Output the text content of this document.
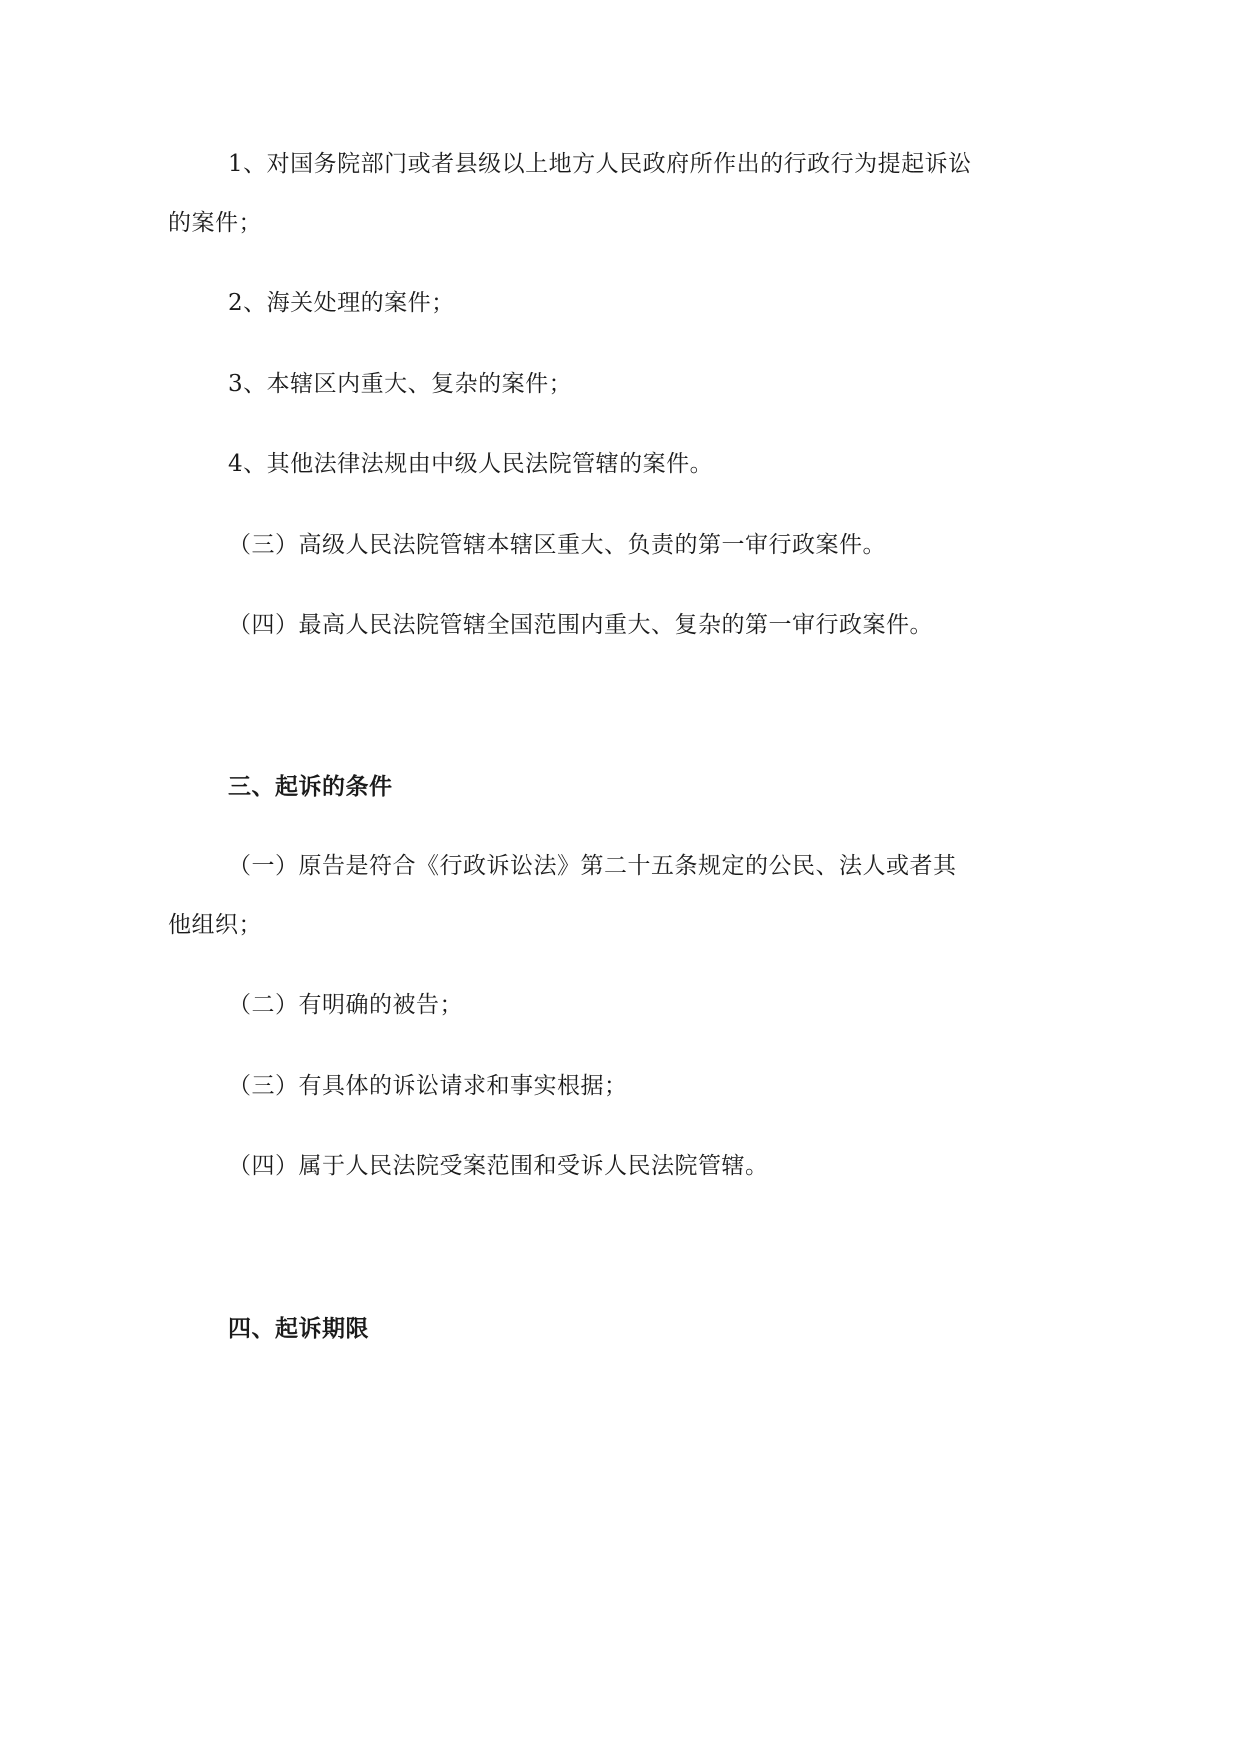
1、对国务院部门或者县级以上地方人民政府所作出的行政行为提起诉讼
的案件；
2、海关处理的案件；
3、本辖区内重大、复杂的案件；
4、其他法律法规由中级人民法院管辖的案件。
（三）高级人民法院管辖本辖区重大、负责的第一审行政案件。
（四）最高人民法院管辖全国范围内重大、复杂的第一审行政案件。
三、起诉的条件
（一）原告是符合《行政诉讼法》第二十五条规定的公民、法人或者其
他组织；
（二）有明确的被告；
（三）有具体的诉讼请求和事实根据；
（四）属于人民法院受案范围和受诉人民法院管辖。
四、起诉期限
